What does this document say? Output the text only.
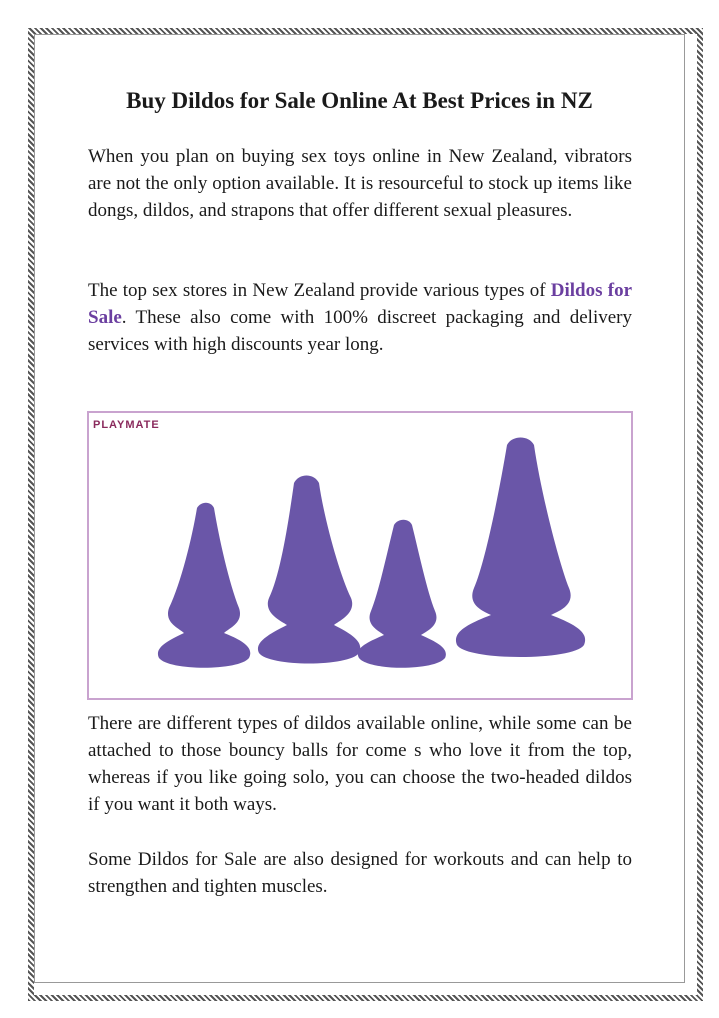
Buy Dildos for Sale Online At Best Prices in NZ

When you plan on buying sex toys online in New Zealand, vibrators are not the only option available. It is resourceful to stock up items like dongs, dildos, and strapons that offer different sexual pleasures.

The top sex stores in New Zealand provide various types of Dildos for Sale. These also come with 100% discreet packaging and delivery services with high discounts year long.

PLAYMATE

There are different types of dildos available online, while some can be attached to those bouncy balls for come s who love it from the top, whereas if you like going solo, you can choose the two-headed dildos if you want it both ways.

Some Dildos for Sale are also designed for workouts and can help to strengthen and tighten muscles.
